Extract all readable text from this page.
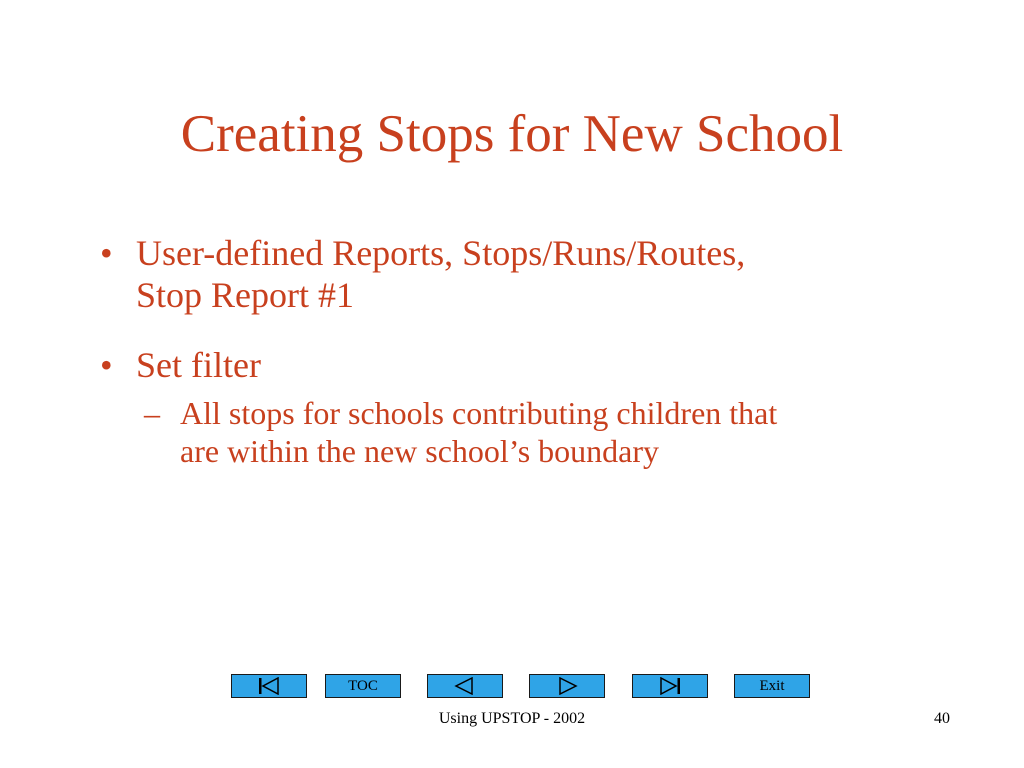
Creating Stops for New School
• User-defined Reports, Stops/Runs/Routes,
Stop Report #1
• Set filter
– All stops for schools contributing children that
are within the new school’s boundary
TOC	Exit
Using UPSTOP - 2002	40
